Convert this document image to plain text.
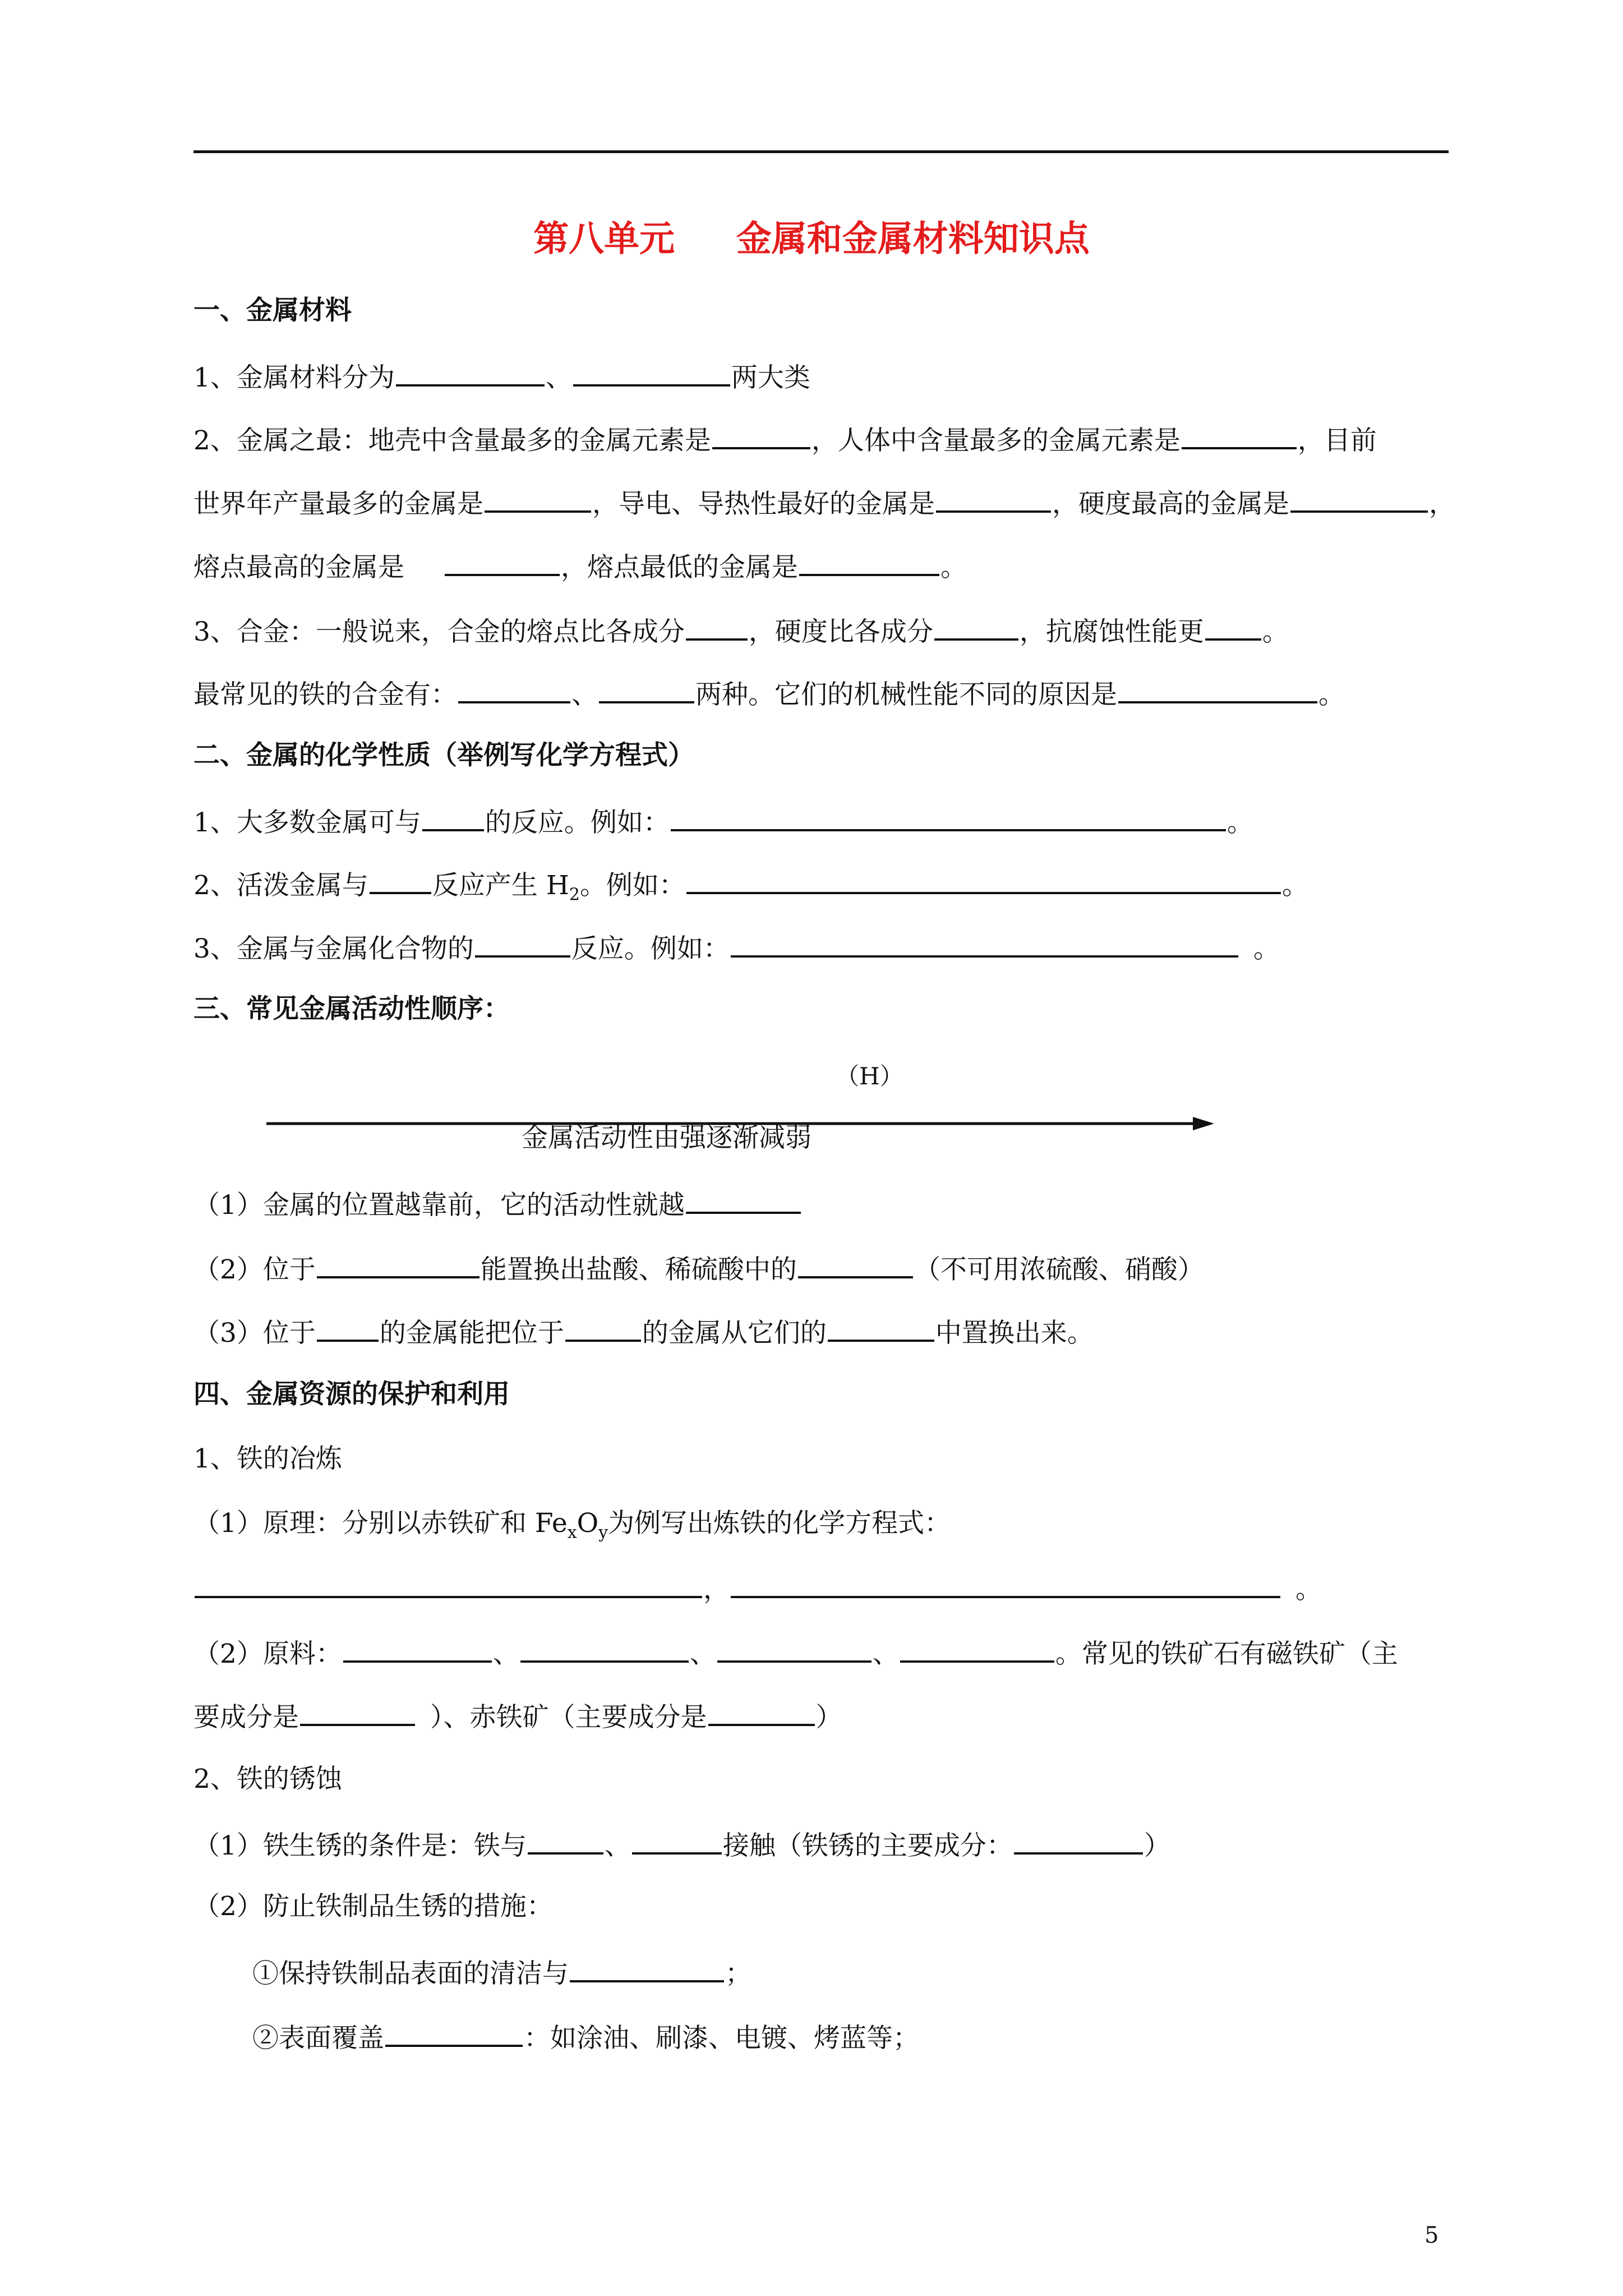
第八单元     金属和金属材料知识点
一、金属材料
1、金属材料分为	、	两大类
2、金属之最：地壳中含量最多的金属元素是	，人体中含量最多的金属元素是	，目前
世界年产量最多的金属是	，导电、导热性最好的金属是	，硬度最高的金属是	，
熔点最高的金属是	，熔点最低的金属是	。
3、合金：一般说来，合金的熔点比各成分 ，硬度比各成分	，抗腐蚀性能更 。
最常见的铁的合金有：	、	两种。它们的机械性能不同的原因是	。
二、金属的化学性质（举例写化学方程式）
1、大多数金属可与 的反应。例如：	。
2、活泼金属与 反应产生 $H_2$。例如：	。
3、金属与金属化合物的	反应。例如：	。
三、常见金属活动性顺序：
（H）
金属活动性由强逐渐减弱
（1）金属的位置越靠前，它的活动性就越
（2）位于	能置换出盐酸、稀硫酸中的	（不可用浓硫酸、硝酸）
（3）位于 的金属能把位于	的金属从它们的	中置换出来。
四、金属资源的保护和利用
1、铁的冶炼
（1）原理：分别以赤铁矿和 $Fe_xO_y$为例写出炼铁的化学方程式：
，	。
（2）原料：	、	、	、	。常见的铁矿石有磁铁矿（主
要成分是	）、赤铁矿（主要成分是	）
2、铁的锈蚀
（1）铁生锈的条件是：铁与	、	接触（铁锈的主要成分：	）
（2）防止铁制品生锈的措施：
①保持铁制品表面的清洁与	；
②表面覆盖	：如涂油、刷漆、电镀、烤蓝等；
5
